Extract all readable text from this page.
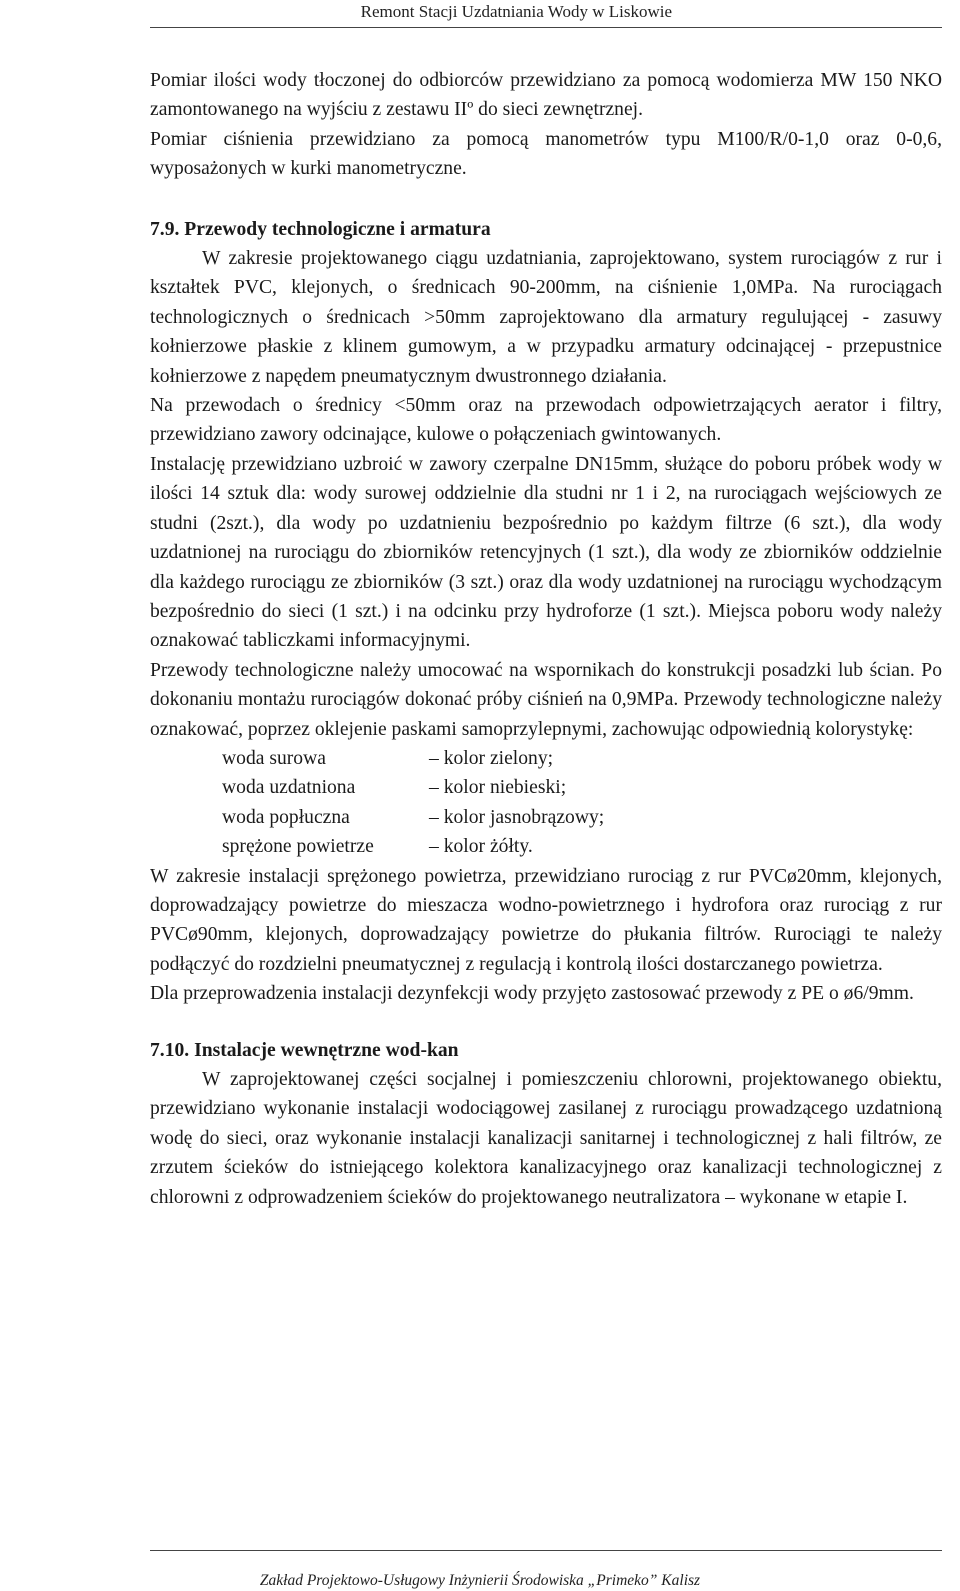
Remont Stacji Uzdatniania Wody w Liskowie

Pomiar ilości wody tłoczonej do odbiorców przewidziano za pomocą wodomierza MW 150 NKO zamontowanego na wyjściu z zestawu IIº do sieci zewnętrznej.

Pomiar ciśnienia przewidziano za pomocą manometrów typu M100/R/0-1,0 oraz 0-0,6, wyposażonych w kurki manometryczne.

7.9. Przewody technologiczne i armatura

W zakresie projektowanego ciągu uzdatniania, zaprojektowano, system rurociągów z rur i kształtek PVC, klejonych, o średnicach 90-200mm, na ciśnienie 1,0MPa. Na rurociągach technologicznych o średnicach >50mm zaprojektowano dla armatury regulującej - zasuwy kołnierzowe płaskie z klinem gumowym, a w przypadku armatury odcinającej - przepustnice kołnierzowe z napędem pneumatycznym dwustronnego działania.

Na przewodach o średnicy <50mm oraz na przewodach odpowietrzających aerator i filtry, przewidziano zawory odcinające, kulowe o połączeniach gwintowanych.

Instalację przewidziano uzbroić w zawory czerpalne DN15mm, służące do poboru próbek wody w ilości 14 sztuk dla: wody surowej oddzielnie dla studni nr 1 i 2, na rurociągach wejściowych ze studni (2szt.), dla wody po uzdatnieniu bezpośrednio po każdym filtrze (6 szt.), dla wody uzdatnionej na rurociągu do zbiorników retencyjnych (1 szt.), dla wody ze zbiorników oddzielnie dla każdego rurociągu ze zbiorników (3 szt.) oraz dla wody uzdatnionej na rurociągu wychodzącym bezpośrednio do sieci (1 szt.) i na odcinku przy hydroforze (1 szt.). Miejsca poboru wody należy oznakować tabliczkami informacyjnymi.

Przewody technologiczne należy umocować na wspornikach do konstrukcji posadzki lub ścian. Po dokonaniu montażu rurociągów dokonać próby ciśnień na 0,9MPa. Przewody technologiczne należy oznakować, poprzez oklejenie paskami samoprzylepnymi, zachowując odpowiednią kolorystykę:

woda surowa	– kolor zielony;
woda uzdatniona	– kolor niebieski;
woda popłuczna	– kolor jasnobrązowy;
sprężone powietrze	– kolor żółty.

W zakresie instalacji sprężonego powietrza, przewidziano rurociąg z rur PVCø20mm, klejonych, doprowadzający powietrze do mieszacza wodno-powietrznego i hydrofora oraz rurociąg z rur PVCø90mm, klejonych, doprowadzający powietrze do płukania filtrów. Rurociągi te należy podłączyć do rozdzielni pneumatycznej z regulacją i kontrolą ilości dostarczanego powietrza.

Dla przeprowadzenia instalacji dezynfekcji wody przyjęto zastosować przewody z PE o ø6/9mm.

7.10. Instalacje wewnętrzne wod-kan

W zaprojektowanej części socjalnej i pomieszczeniu chlorowni, projektowanego obiektu, przewidziano wykonanie instalacji wodociągowej zasilanej z rurociągu prowadzącego uzdatnioną wodę do sieci, oraz wykonanie instalacji kanalizacji sanitarnej i technologicznej z hali filtrów, ze zrzutem ścieków do istniejącego kolektora kanalizacyjnego oraz kanalizacji technologicznej z chlorowni z odprowadzeniem ścieków do projektowanego neutralizatora – wykonane w etapie I.

Zakład Projektowo-Usługowy Inżynierii Środowiska „Primeko” Kalisz
